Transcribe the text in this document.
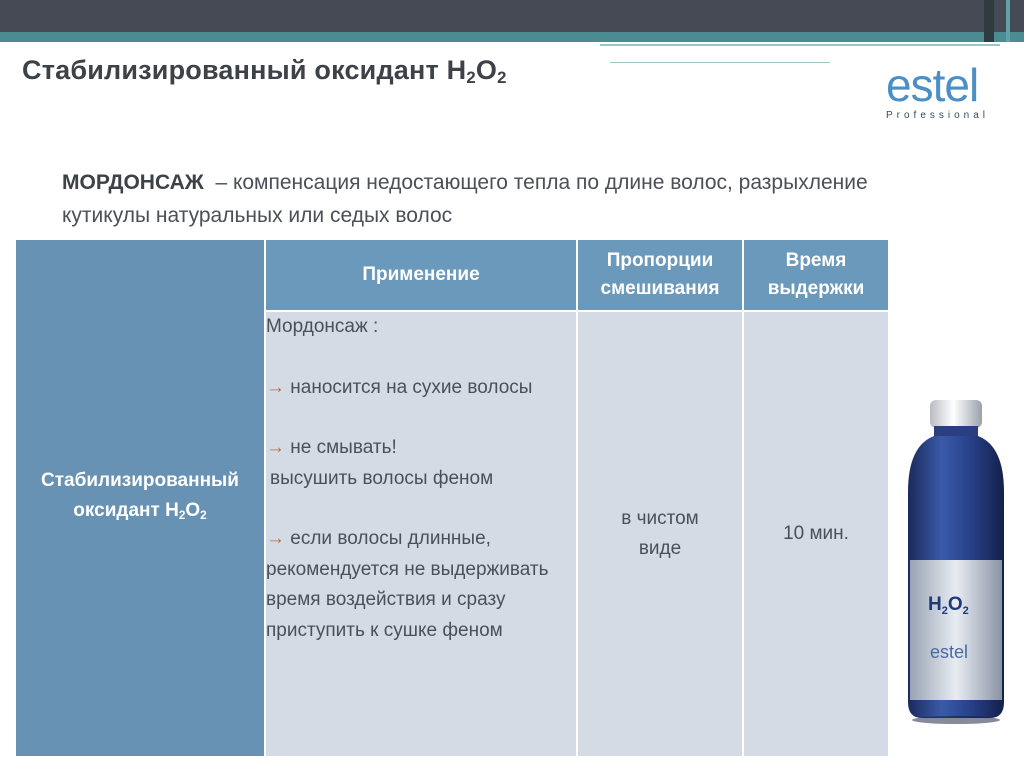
Стабилизированный оксидант $H_2O_2$	estel
Professional

МОРДОНСАЖ – компенсация недостающего тепла по длине волос, разрыхление кутикулы натуральных или седых волос

Стабилизированный оксидант $H_2O_2$	Применение	Пропорции смешивания	Время выдержки

	Мордонсаж :
→ наносится на сухие волосы
→ не смывать!
высушить волосы феном
→ если волосы длинные, рекомендуется не выдерживать время воздействия и сразу приступить к сушке феном	в чистом виде	10 мин.
$H_2O_2$
estel
